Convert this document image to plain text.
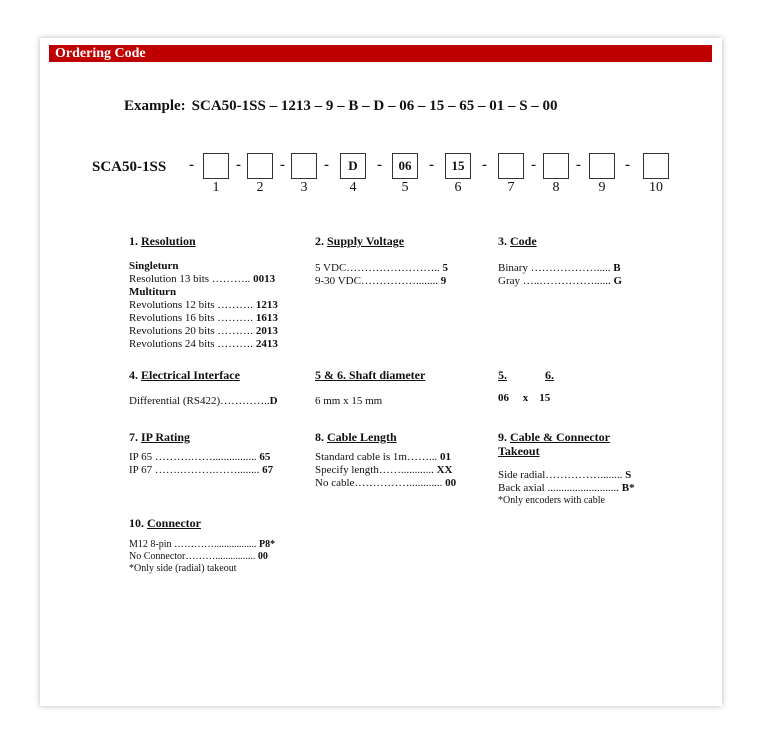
Ordering Code
Example: SCA50-1SS – 1213 – 9 – B – D – 06 – 15 – 65 – 01 – S – 00
SCA50-1SS -
1
-
2
-
3
-	D
4
-	06
5
-	15
6
-
7
-
8
-
9
-
10
1. Resolution
Singleturn
Resolution 13 bits ……….. 0013
Multiturn
Revolutions 12 bits ………. 1213
Revolutions 16 bits ………. 1613
Revolutions 20 bits ………. 2013
Revolutions 24 bits ………. 2413
2. Supply Voltage
5 VDC…………………….. 5
9-30 VDC……………........ 9
3. Code
Binary ………………..... B
Gray …..……………...... G
4. Electrical Interface
Differential (RS422)…………..D
5 & 6. Shaft diameter
6 mm x 15 mm
5.	6.
06 x 15
7. IP Rating
IP 65 ……….……................ 65
IP 67 …….……….……........ 67
8. Cable Length
Standard cable is 1m……... 01
Specify length……............ XX
No cable……………............ 00
9. Cable & Connector
Takeout
Side radial……………........ S
Back axial .......................... B*
*Only encoders with cable
10. Connector
M12 8-pin …………................. P8*
No Connector………................ 00
*Only side (radial) takeout
